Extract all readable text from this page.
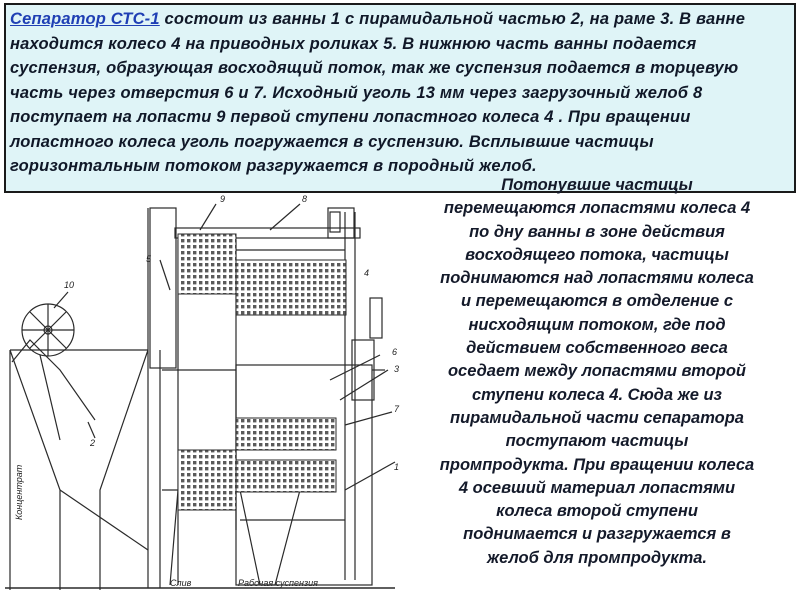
Сепаратор СТС-1 состоит из ванны 1 с пирамидальной частью 2, на раме 3. В ванне находится колесо 4 на приводных роликах 5. В нижнюю часть ванны подается суспензия, образующая восходящий поток, так же суспензия подается в торцевую часть через отверстия 6 и 7. Исходный уголь 13 мм через загрузочный желоб 8 поступает на лопасти 9 первой ступени лопастного колеса 4 . При вращении лопастного колеса уголь погружается в суспензию. Всплывшие частицы горизонтальным потоком разгружается в породный желоб.
9	8
5
4
10
6
3
7
1
2
Концентрат
Слив	Рабочая суспензия
Потонувшие частицы
перемещаются лопастями колеса 4
по дну ванны в зоне действия
восходящего потока, частицы
поднимаются над лопастями колеса
и перемещаются в отделение с
нисходящим потоком, где под
действием собственного веса
оседает между лопастями второй
ступени колеса 4. Сюда же из
пирамидальной части сепаратора
поступают частицы
промпродукта. При вращении колеса
4 осевший материал лопастями
колеса второй ступени
поднимается и разгружается в
желоб для промпродукта.
